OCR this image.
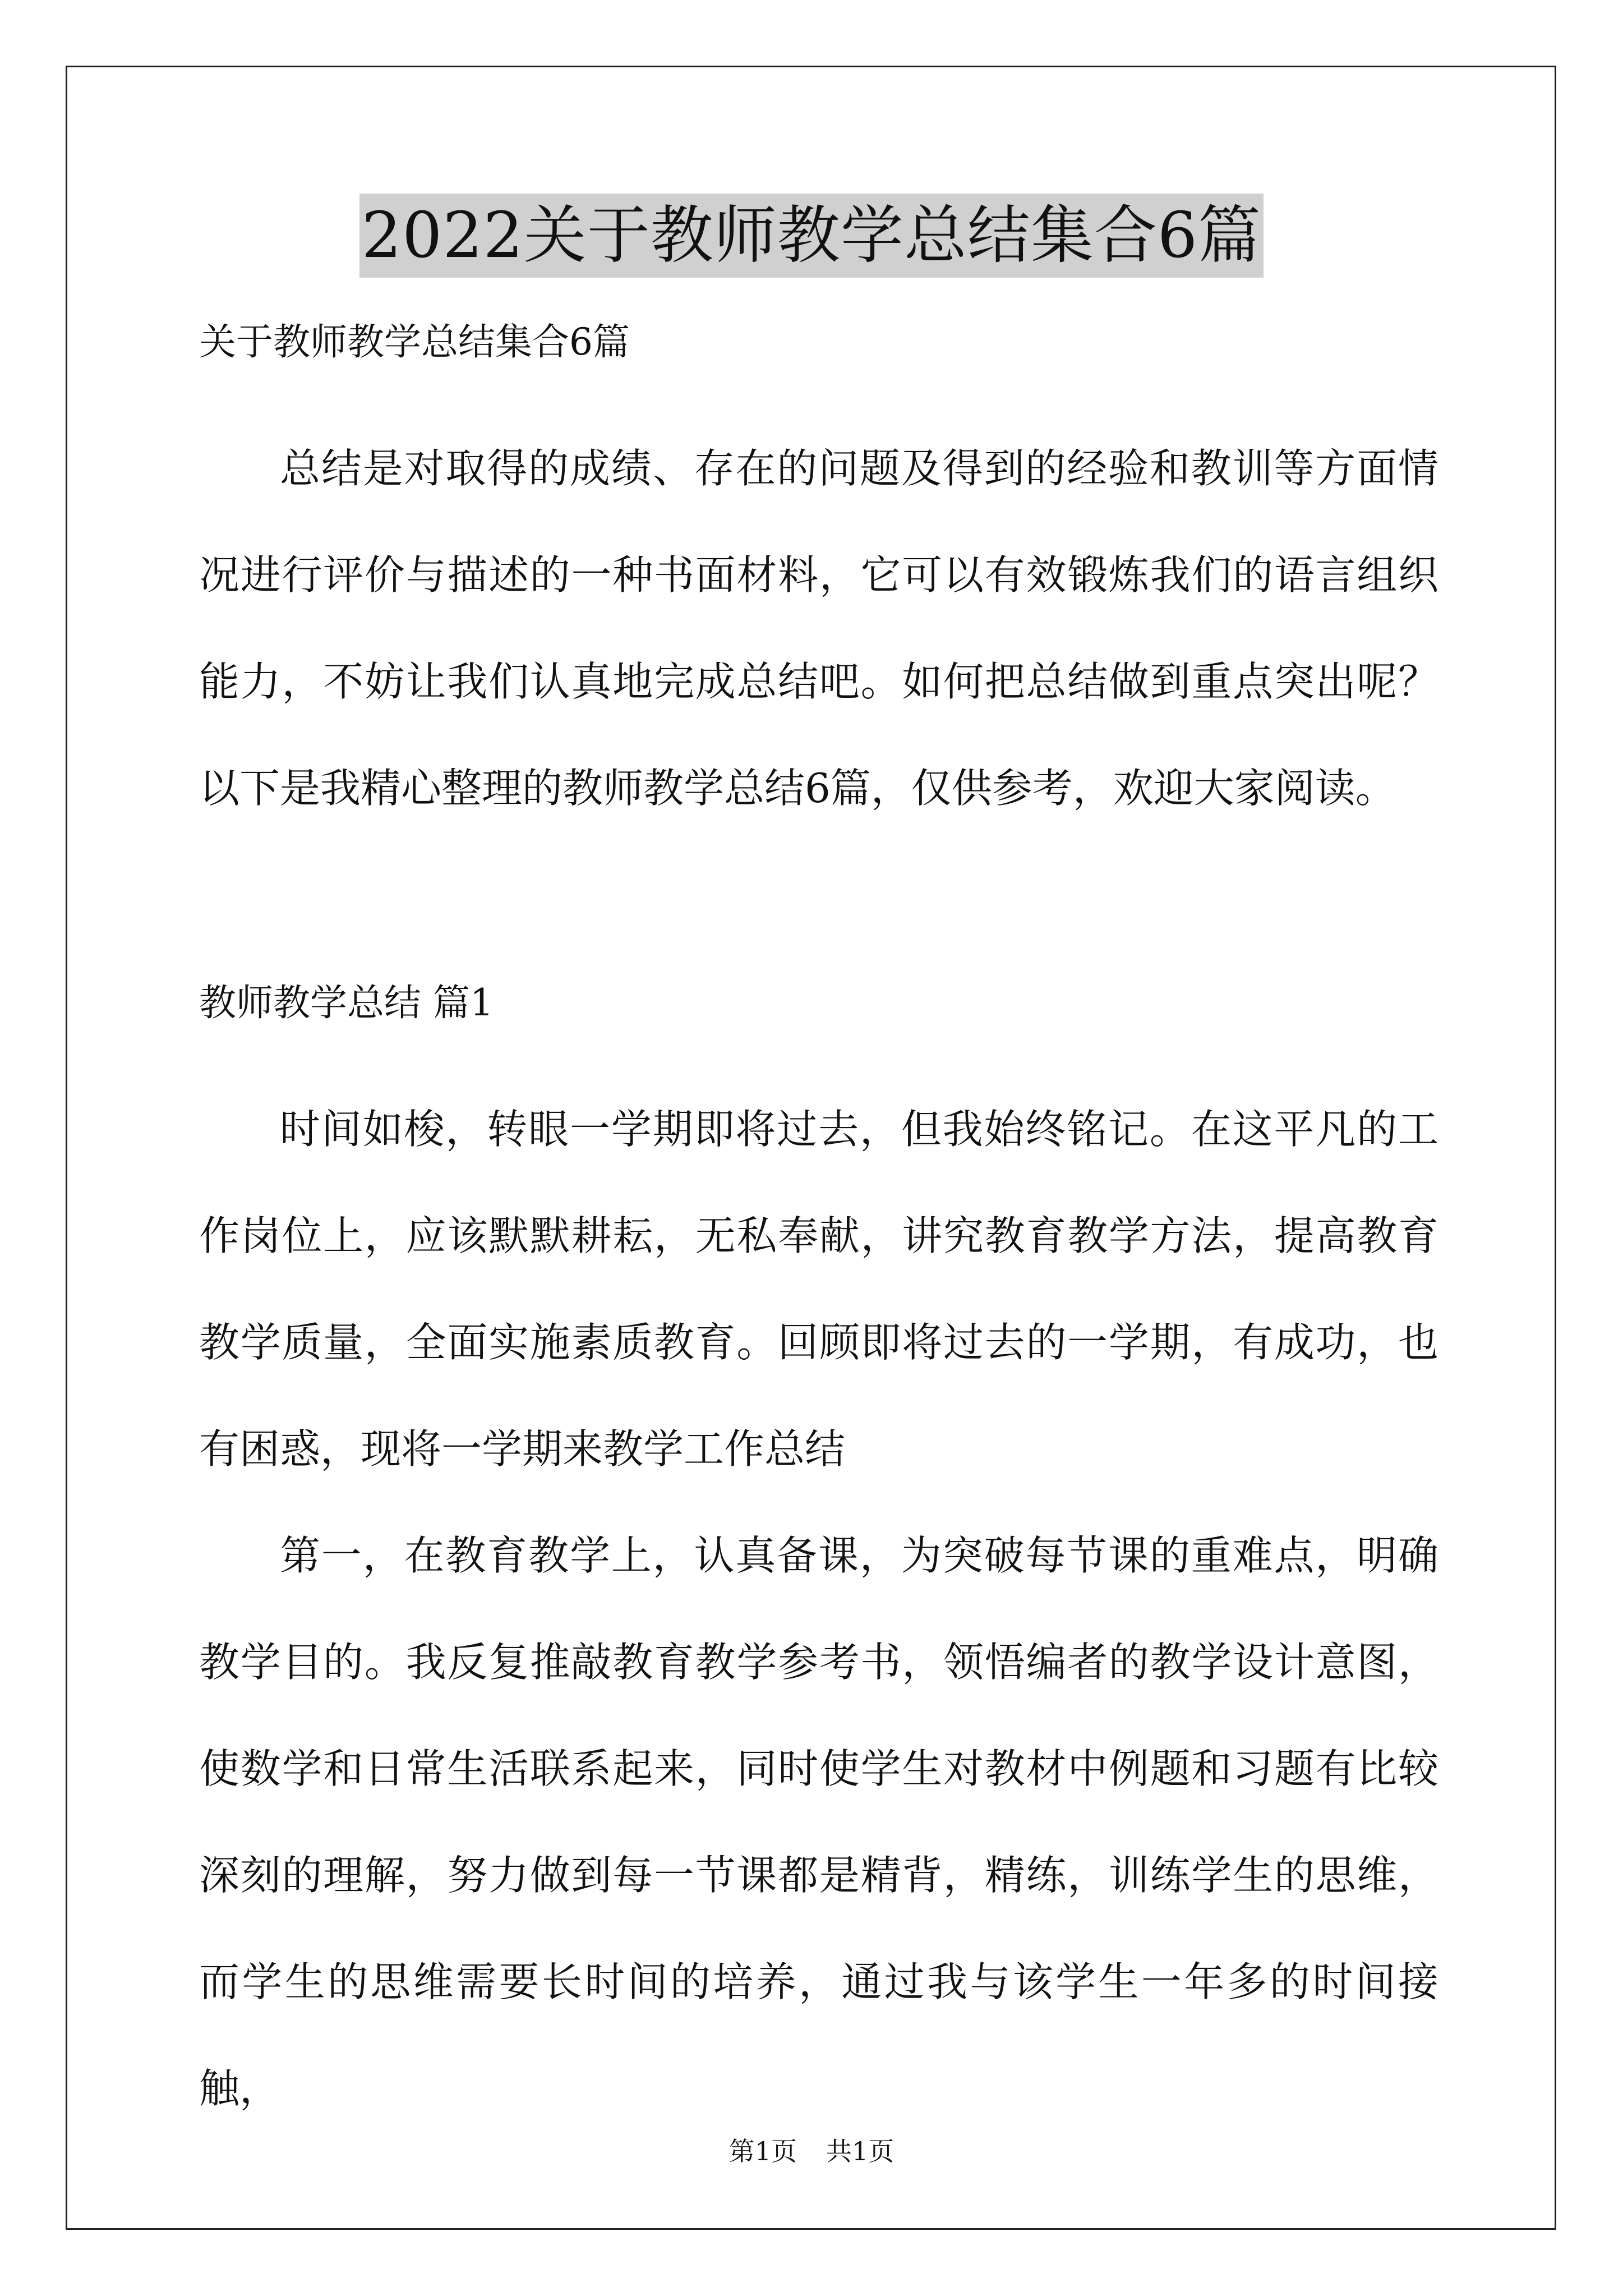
2022关于教师教学总结集合6篇
关于教师教学总结集合6篇

总结是对取得的成绩、存在的问题及得到的经验和教训等方面情况进行评价与描述的一种书面材料，它可以有效锻炼我们的语言组织能力，不妨让我们认真地完成总结吧。如何把总结做到重点突出呢？以下是我精心整理的教师教学总结6篇，仅供参考，欢迎大家阅读。

教师教学总结 篇1

时间如梭，转眼一学期即将过去，但我始终铭记。在这平凡的工作岗位上，应该默默耕耘，无私奉献，讲究教育教学方法，提高教育教学质量，全面实施素质教育。回顾即将过去的一学期，有成功，也有困惑，现将一学期来教学工作总结

第一，在教育教学上，认真备课，为突破每节课的重难点，明确教学目的。我反复推敲教育教学参考书，领悟编者的教学设计意图，使数学和日常生活联系起来，同时使学生对教材中例题和习题有比较深刻的理解，努力做到每一节课都是精背，精练，训练学生的思维，而学生的思维需要长时间的培养，通过我与该学生一年多的时间接触，

第1页 共1页
